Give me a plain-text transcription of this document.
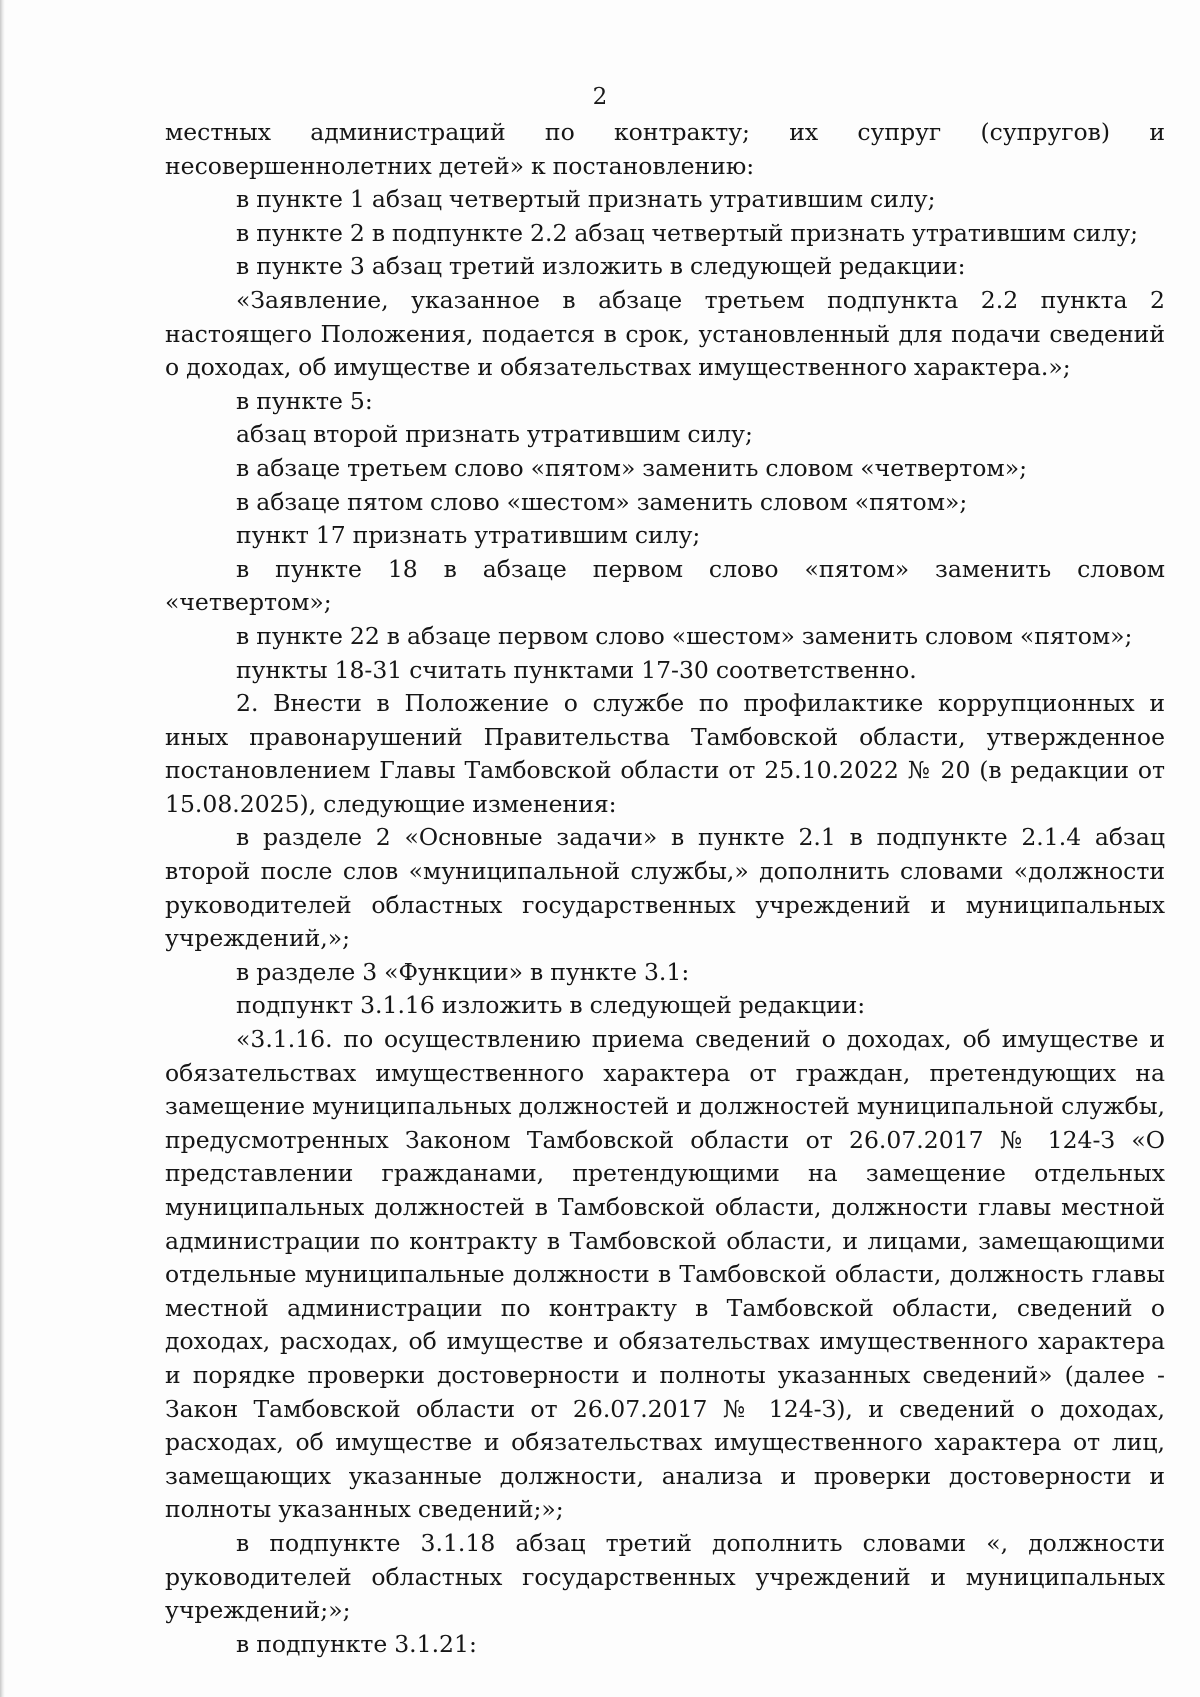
2

местных администраций по контракту; их супруг (супругов) и несовершеннолетних детей» к постановлению:

в пункте 1 абзац четвертый признать утратившим силу;

в пункте 2 в подпункте 2.2 абзац четвертый признать утратившим силу;

в пункте 3 абзац третий изложить в следующей редакции:

«Заявление, указанное в абзаце третьем подпункта 2.2 пункта 2 настоящего Положения, подается в срок, установленный для подачи сведений о доходах, об имуществе и обязательствах имущественного характера.»;

в пункте 5:

абзац второй признать утратившим силу;

в абзаце третьем слово «пятом» заменить словом «четвертом»;

в абзаце пятом слово «шестом» заменить словом «пятом»;

пункт 17 признать утратившим силу;

в пункте 18 в абзаце первом слово «пятом» заменить словом «четвертом»;

в пункте 22 в абзаце первом слово «шестом» заменить словом «пятом»;

пункты 18-31 считать пунктами 17-30 соответственно.

2. Внести в Положение о службе по профилактике коррупционных и иных правонарушений Правительства Тамбовской области, утвержденное постановлением Главы Тамбовской области от 25.10.2022 № 20 (в редакции от 15.08.2025), следующие изменения:

в разделе 2 «Основные задачи» в пункте 2.1 в подпункте 2.1.4 абзац второй после слов «муниципальной службы,» дополнить словами «должности руководителей областных государственных учреждений и муниципальных учреждений,»;

в разделе 3 «Функции» в пункте 3.1:

подпункт 3.1.16 изложить в следующей редакции:

«3.1.16. по осуществлению приема сведений о доходах, об имуществе и обязательствах имущественного характера от граждан, претендующих на замещение муниципальных должностей и должностей муниципальной службы, предусмотренных Законом Тамбовской области от 26.07.2017 № 124-З «О представлении гражданами, претендующими на замещение отдельных муниципальных должностей в Тамбовской области, должности главы местной администрации по контракту в Тамбовской области, и лицами, замещающими отдельные муниципальные должности в Тамбовской области, должность главы местной администрации по контракту в Тамбовской области, сведений о доходах, расходах, об имуществе и обязательствах имущественного характера и порядке проверки достоверности и полноты указанных сведений» (далее - Закон Тамбовской области от 26.07.2017 № 124-З), и сведений о доходах, расходах, об имуществе и обязательствах имущественного характера от лиц, замещающих указанные должности, анализа и проверки достоверности и полноты указанных сведений;»;

в подпункте 3.1.18 абзац третий дополнить словами «, должности руководителей областных государственных учреждений и муниципальных учреждений;»;

в подпункте 3.1.21:
